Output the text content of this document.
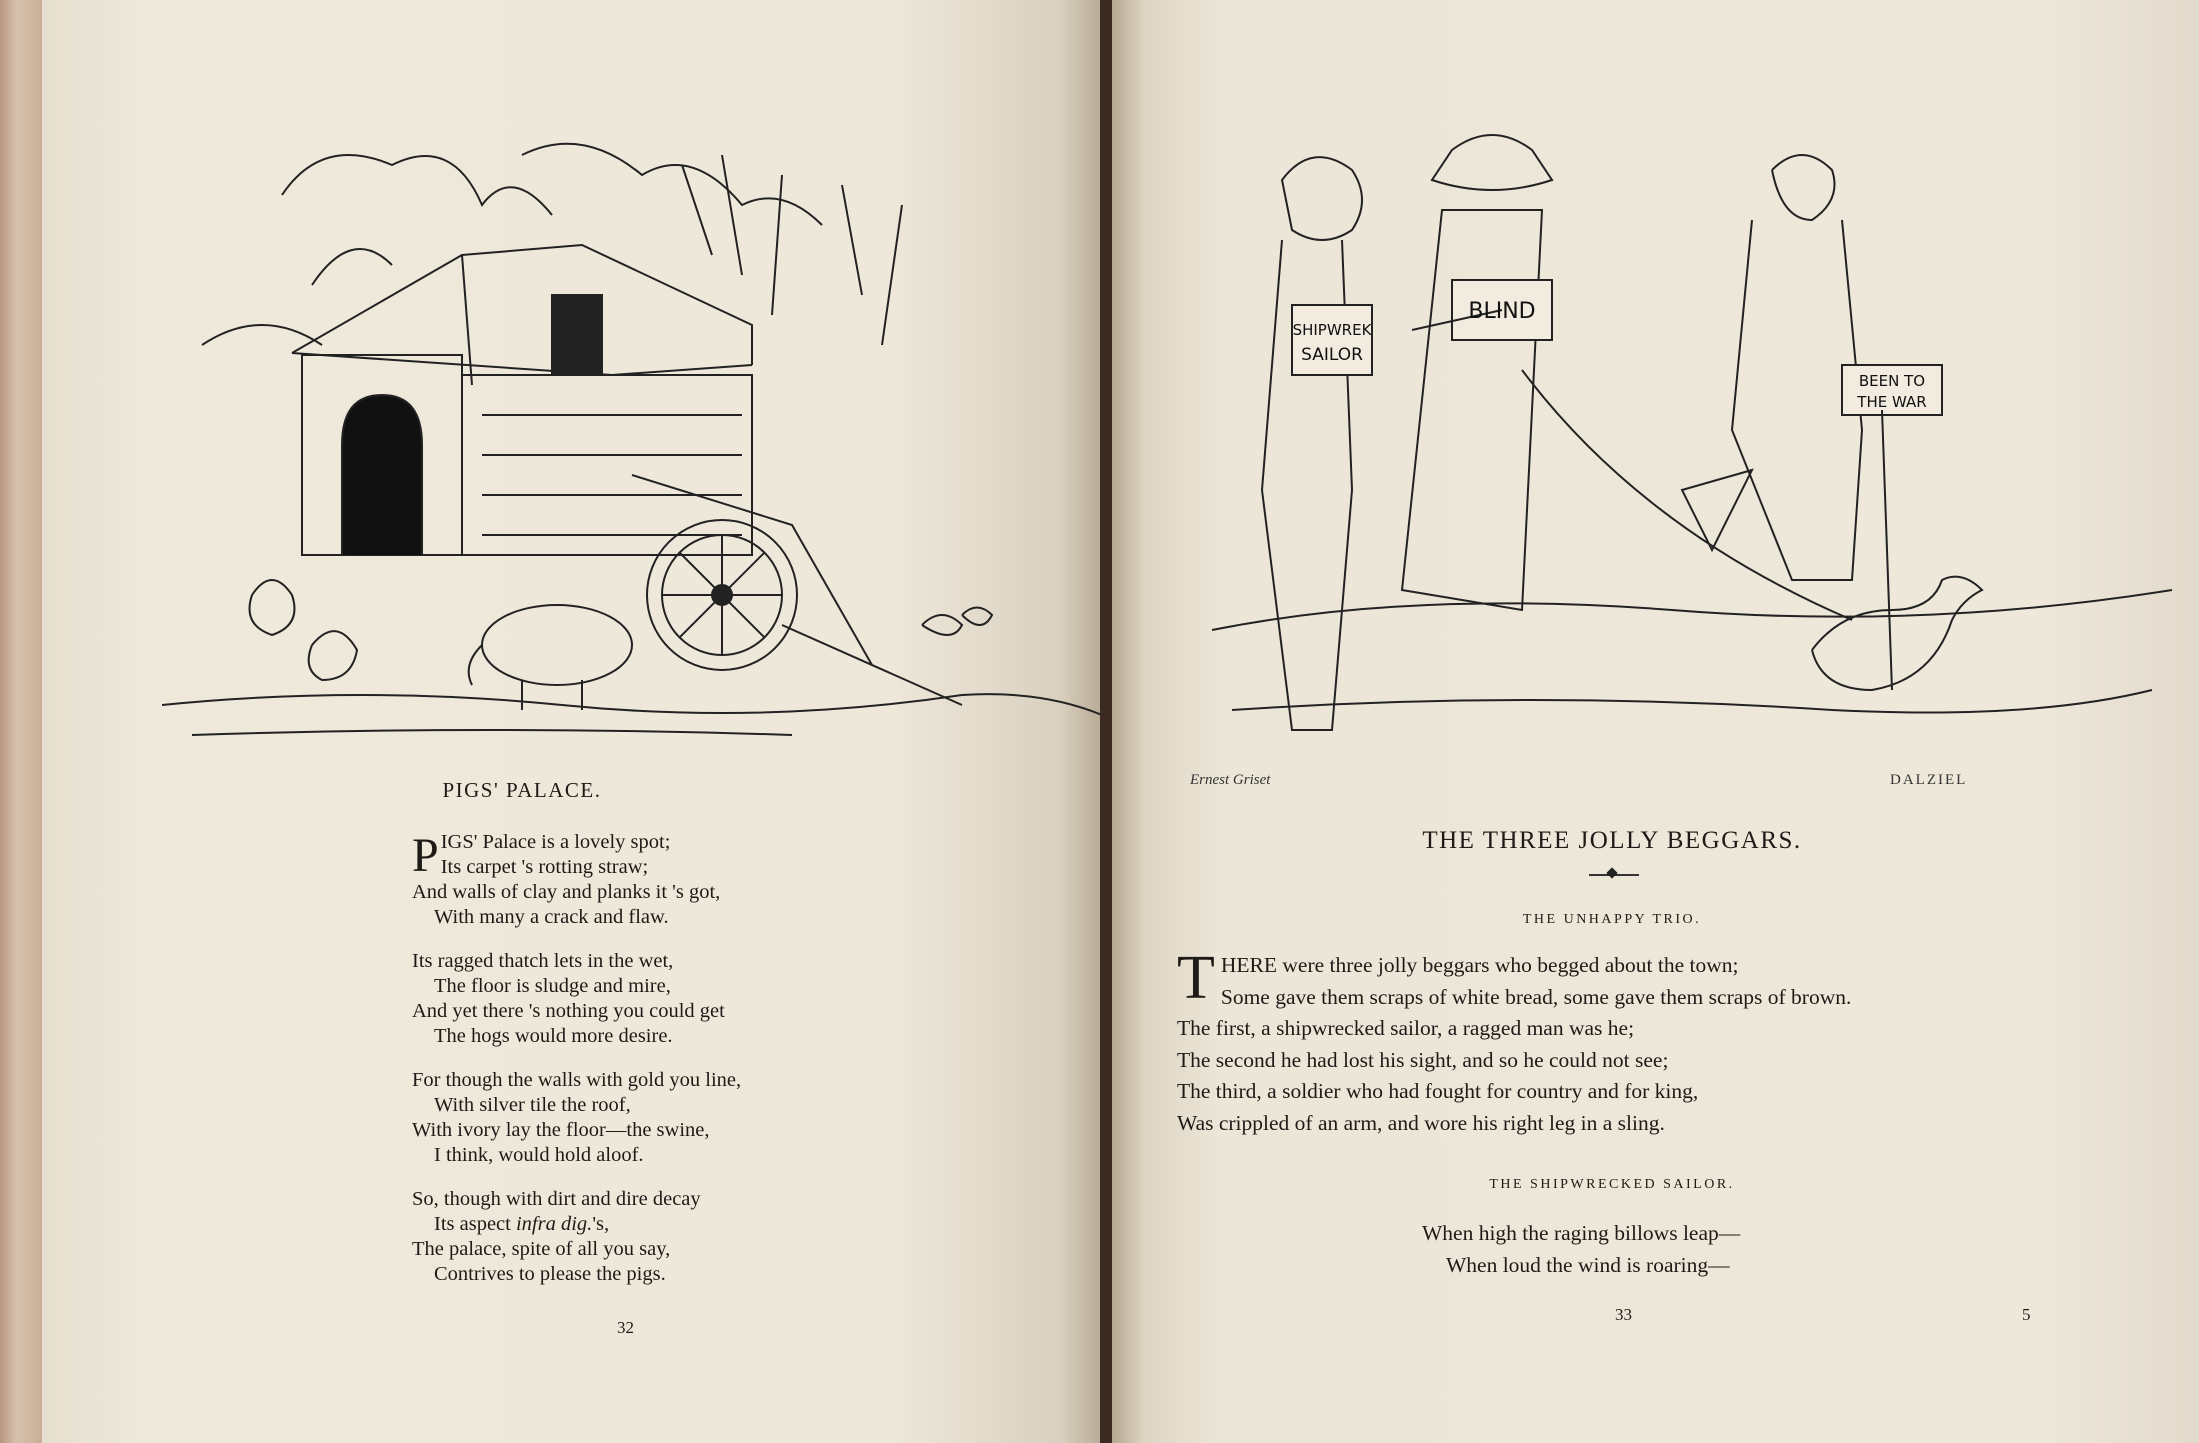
PIGS' PALACE.
P IGS' Palace is a lovely spot;
Its carpet 's rotting straw;
And walls of clay and planks it 's got,
With many a crack and flaw.
Its ragged thatch lets in the wet,
The floor is sludge and mire,
And yet there 's nothing you could get
The hogs would more desire.
For though the walls with gold you line,
With silver tile the roof,
With ivory lay the floor—the swine,
I think, would hold aloof.
So, though with dirt and dire decay
Its aspect infra dig.'s,
The palace, spite of all you say,
Contrives to please the pigs.
32
SHIPWREK
SAILOR
BLIND
BEEN TO
THE WAR
Ernest Griset	DALZIEL
THE THREE JOLLY BEGGARS.
THE UNHAPPY TRIO.
T HERE were three jolly beggars who begged about the town;
Some gave them scraps of white bread, some gave them scraps of brown.
The first, a shipwrecked sailor, a ragged man was he;
The second he had lost his sight, and so he could not see;
The third, a soldier who had fought for country and for king,
Was crippled of an arm, and wore his right leg in a sling.
THE SHIPWRECKED SAILOR.
When high the raging billows leap—
When loud the wind is roaring—
33	5
